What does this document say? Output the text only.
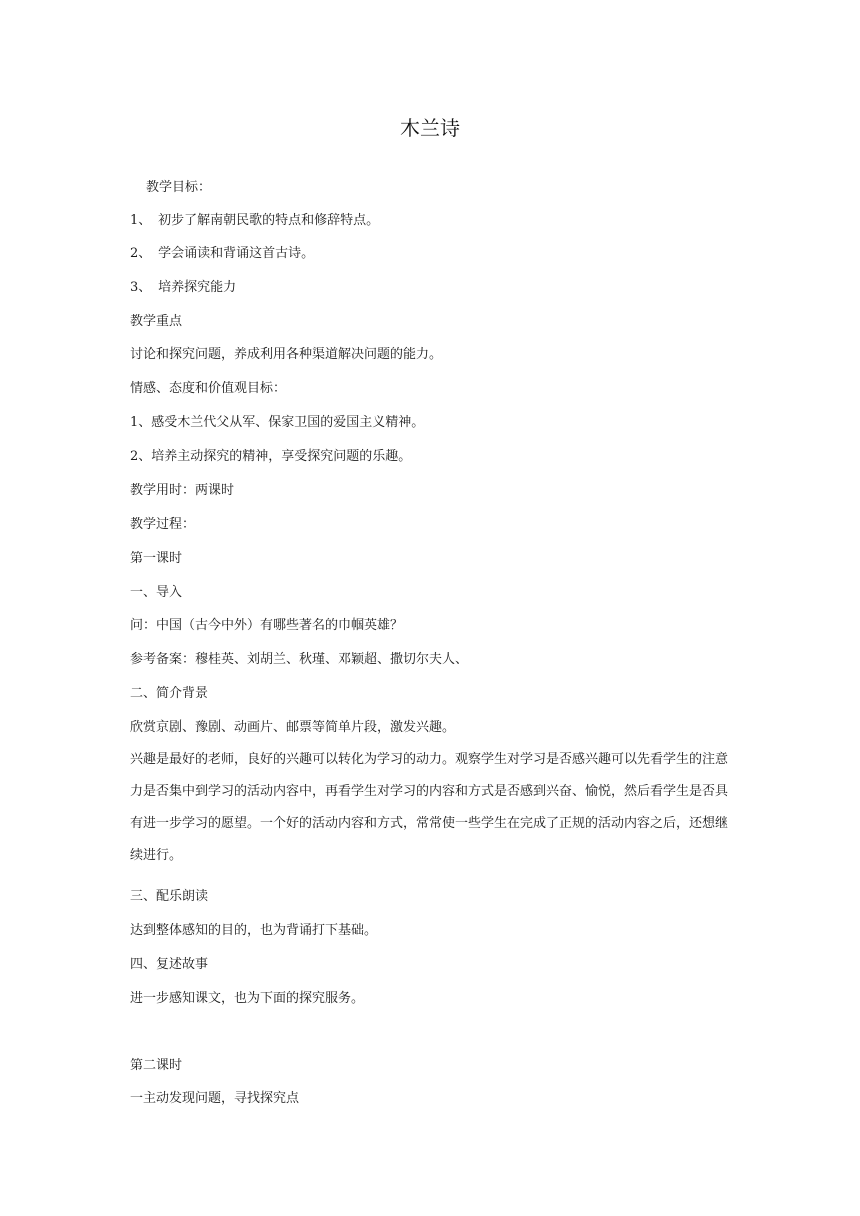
木兰诗
教学目标：
1、 初步了解南朝民歌的特点和修辞特点。
2、 学会诵读和背诵这首古诗。
3、 培养探究能力
教学重点
讨论和探究问题，养成利用各种渠道解决问题的能力。
情感、态度和价值观目标：
1、感受木兰代父从军、保家卫国的爱国主义精神。
2、培养主动探究的精神，享受探究问题的乐趣。
教学用时：两课时
教学过程：
第一课时
一、导入
问：中国（古今中外）有哪些著名的巾帼英雄？
参考备案：穆桂英、刘胡兰、秋瑾、邓颖超、撒切尔夫人、
二、简介背景
欣赏京剧、豫剧、动画片、邮票等简单片段，激发兴趣。
兴趣是最好的老师，良好的兴趣可以转化为学习的动力。观察学生对学习是否感兴趣可以先看学生的注意
力是否集中到学习的活动内容中，再看学生对学习的内容和方式是否感到兴奋、愉悦，然后看学生是否具
有进一步学习的愿望。一个好的活动内容和方式，常常使一些学生在完成了正规的活动内容之后，还想继
续进行。
三、配乐朗读
达到整体感知的目的，也为背诵打下基础。
四、复述故事
进一步感知课文，也为下面的探究服务。
第二课时
一主动发现问题，寻找探究点
